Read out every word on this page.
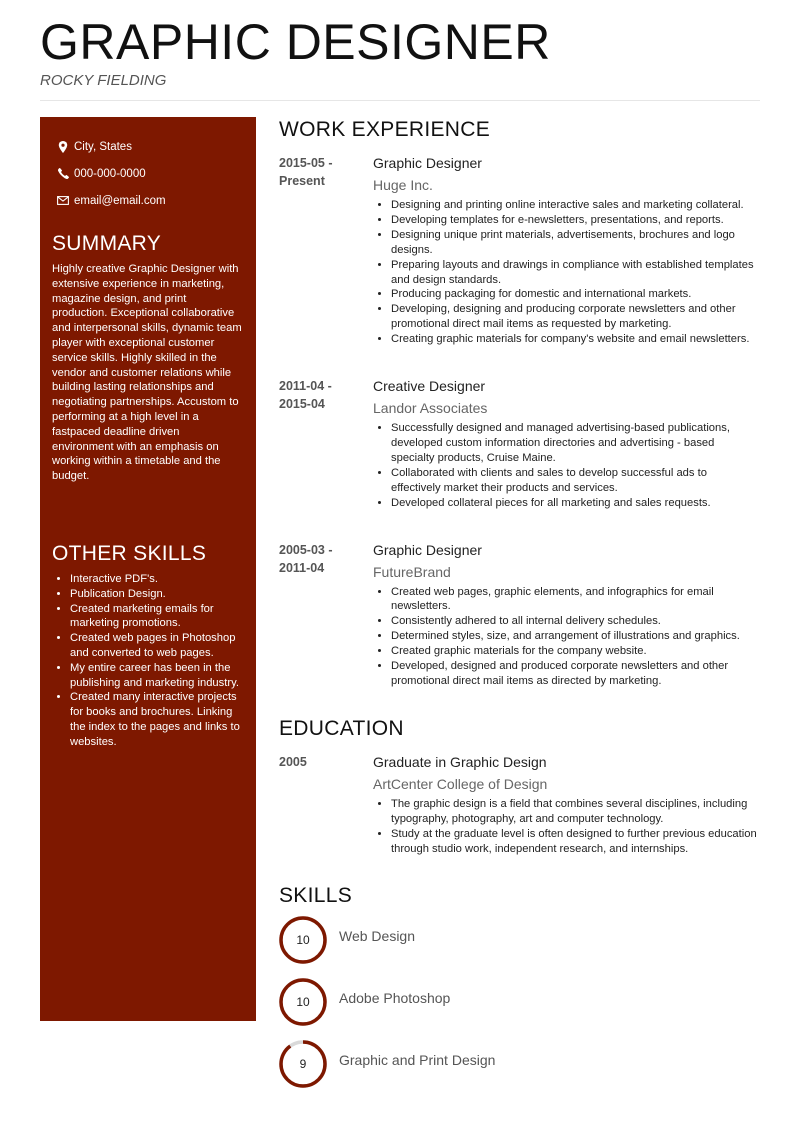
GRAPHIC DESIGNER
ROCKY FIELDING
City, States
000-000-0000
email@email.com
SUMMARY
Highly creative Graphic Designer with extensive experience in marketing, magazine design, and print production. Exceptional collaborative and interpersonal skills, dynamic team player with exceptional customer service skills. Highly skilled in the vendor and customer relations while building lasting relationships and negotiating partnerships. Accustom to performing at a high level in a fastpaced deadline driven environment with an emphasis on working within a timetable and the budget.
OTHER SKILLS
• Interactive PDF's.
• Publication Design.
• Created marketing emails for marketing promotions.
• Created web pages in Photoshop and converted to web pages.
• My entire career has been in the publishing and marketing industry.
• Created many interactive projects for books and brochures. Linking the index to the pages and links to websites.
WORK EXPERIENCE
2015-05 -
Present
Graphic Designer
Huge Inc.
• Designing and printing online interactive sales and marketing collateral.
• Developing templates for e-newsletters, presentations, and reports.
• Designing unique print materials, advertisements, brochures and logo designs.
• Preparing layouts and drawings in compliance with established templates and design standards.
• Producing packaging for domestic and international markets.
• Developing, designing and producing corporate newsletters and other promotional direct mail items as requested by marketing.
• Creating graphic materials for company's website and email newsletters.
2011-04 -
2015-04
Creative Designer
Landor Associates
• Successfully designed and managed advertising-based publications, developed custom information directories and advertising - based specialty products, Cruise Maine.
• Collaborated with clients and sales to develop successful ads to effectively market their products and services.
• Developed collateral pieces for all marketing and sales requests.
2005-03 -
2011-04
Graphic Designer
FutureBrand
• Created web pages, graphic elements, and infographics for email newsletters.
• Consistently adhered to all internal delivery schedules.
• Determined styles, size, and arrangement of illustrations and graphics.
• Created graphic materials for the company website.
• Developed, designed and produced corporate newsletters and other promotional direct mail items as directed by marketing.
EDUCATION
2005	Graduate in Graphic Design
ArtCenter College of Design
• The graphic design is a field that combines several disciplines, including typography, photography, art and computer technology.
• Study at the graduate level is often designed to further previous education through studio work, independent research, and internships.
SKILLS
10	Web Design
10	Adobe Photoshop
9	Graphic and Print Design
